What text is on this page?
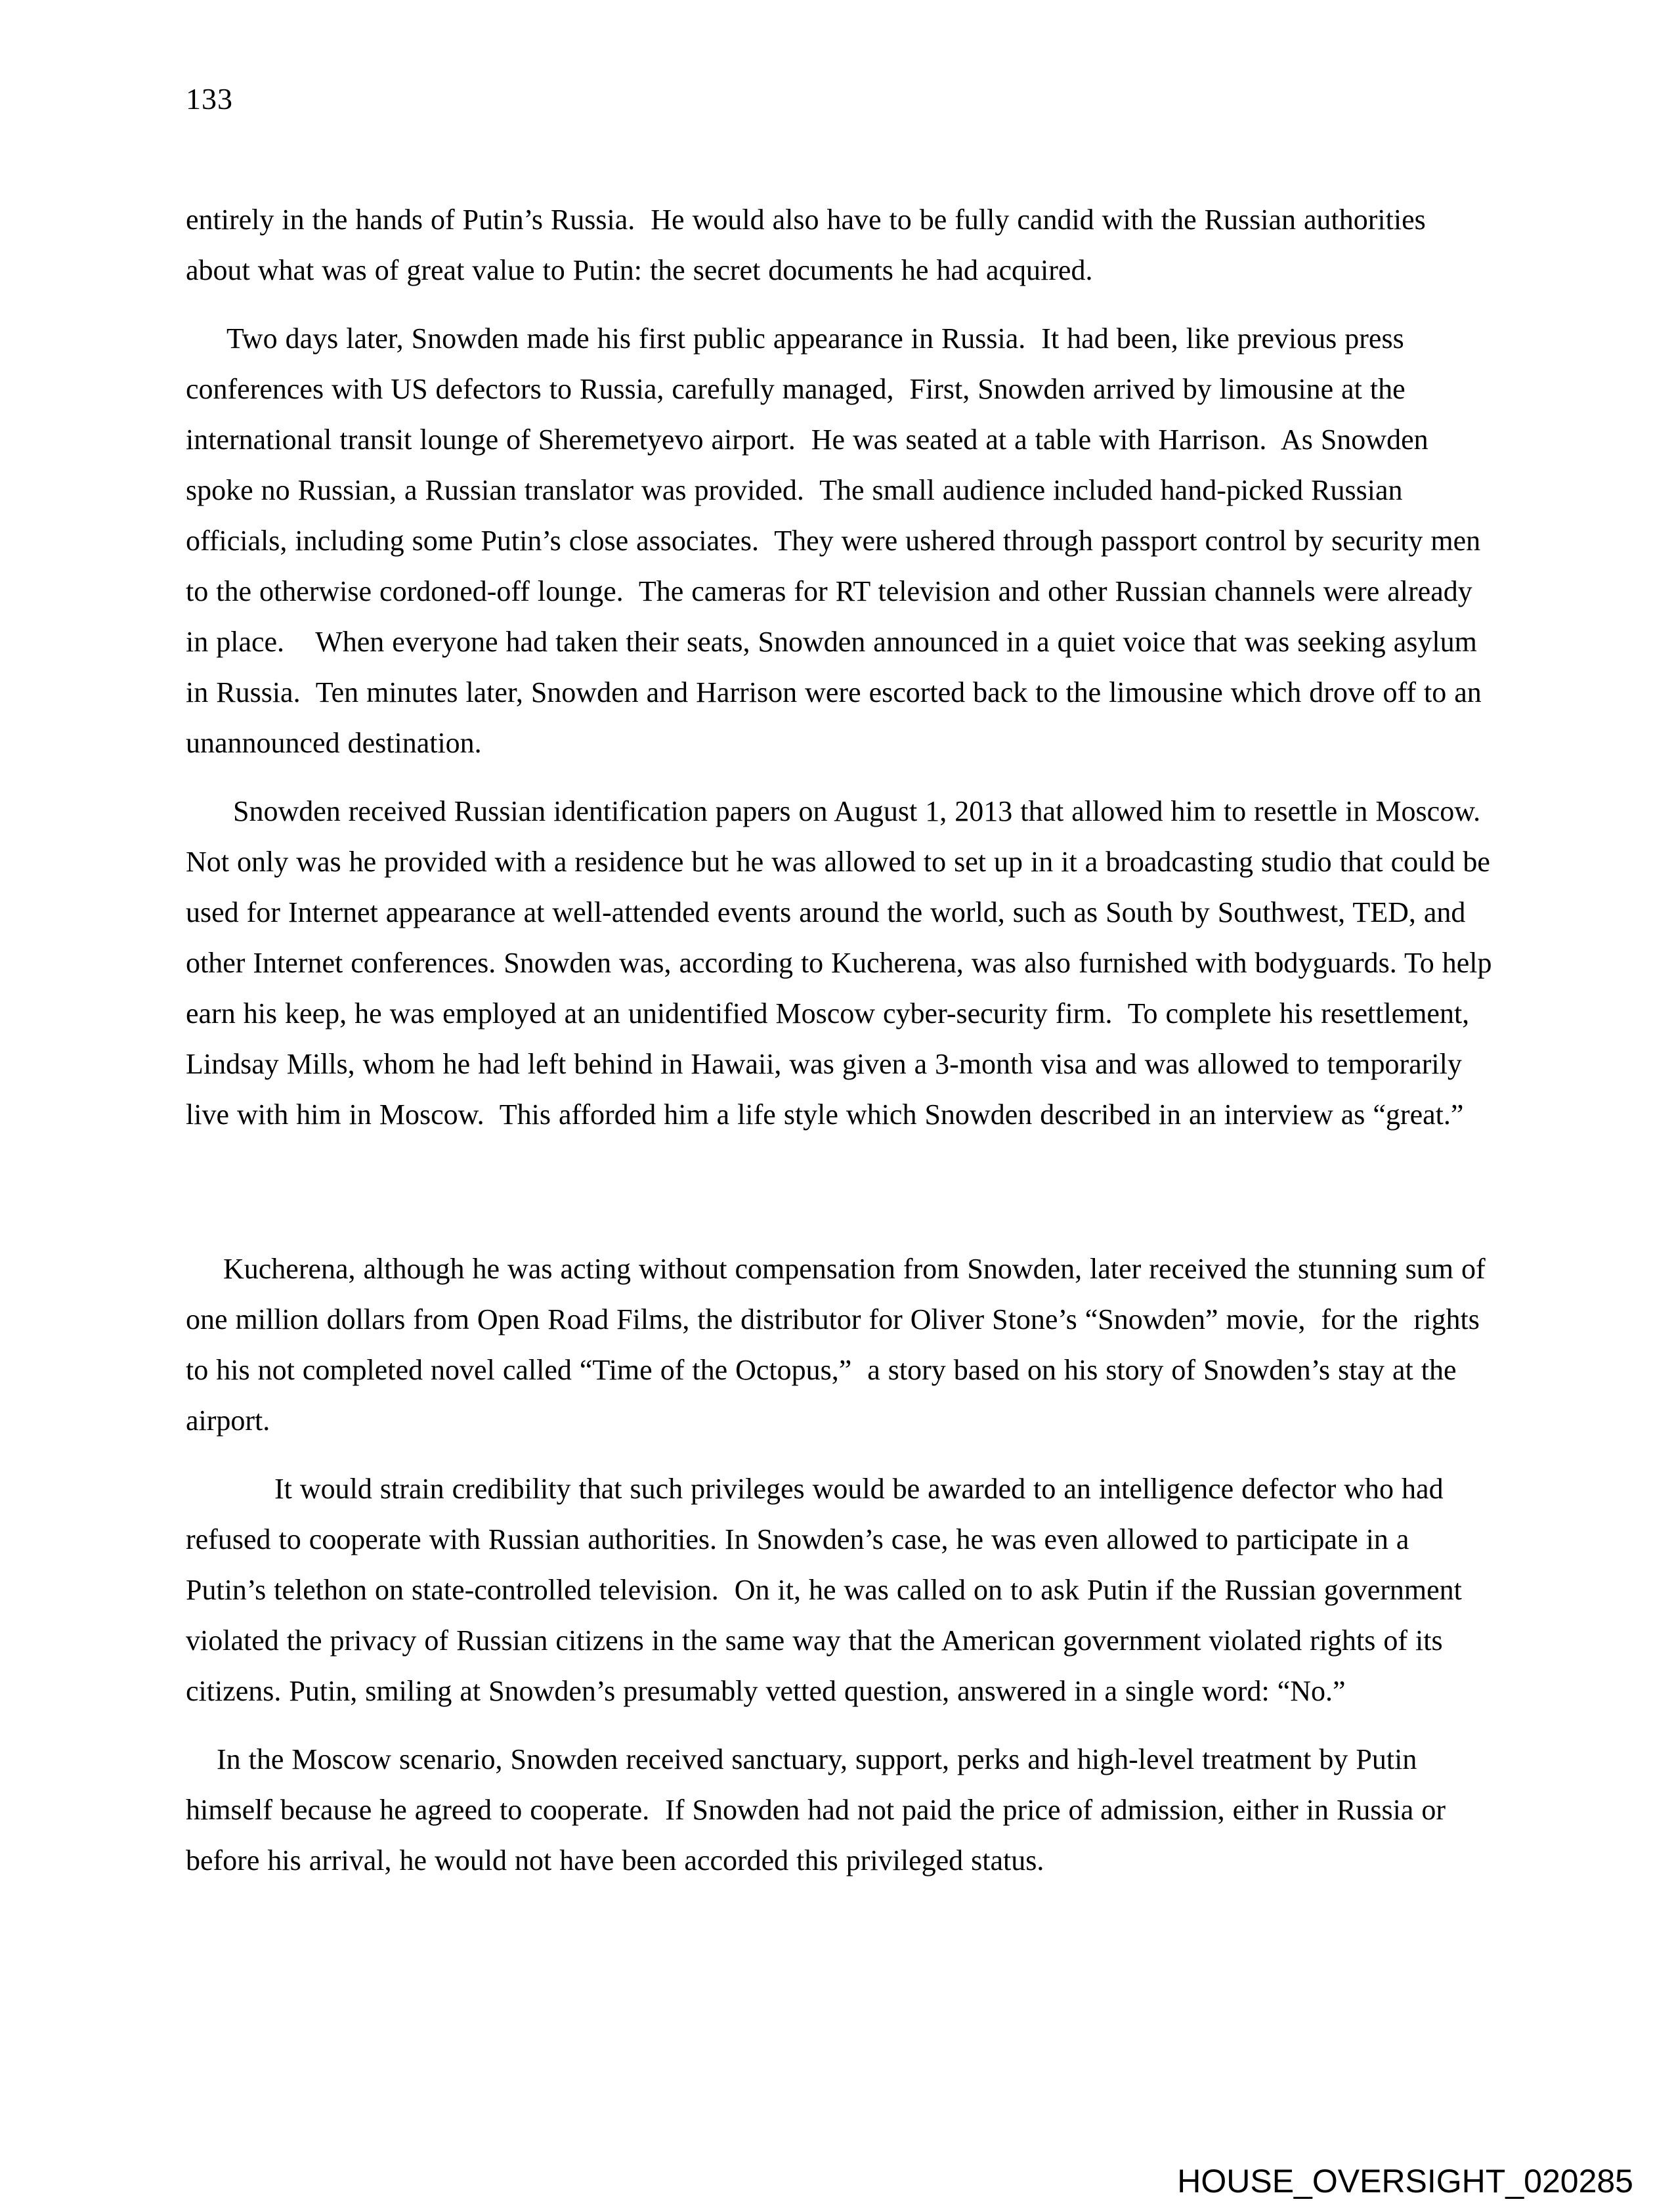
133

entirely in the hands of Putin’s Russia.  He would also have to be fully candid with the Russian authorities about what was of great value to Putin: the secret documents he had acquired.

Two days later, Snowden made his first public appearance in Russia.  It had been, like previous press conferences with US defectors to Russia, carefully managed,  First, Snowden arrived by limousine at the international transit lounge of Sheremetyevo airport.  He was seated at a table with Harrison.  As Snowden spoke no Russian, a Russian translator was provided.  The small audience included hand-picked Russian officials, including some Putin’s close associates.  They were ushered through passport control by security men to the otherwise cordoned-off lounge.  The cameras for RT television and other Russian channels were already in place.    When everyone had taken their seats, Snowden announced in a quiet voice that was seeking asylum in Russia.  Ten minutes later, Snowden and Harrison were escorted back to the limousine which drove off to an unannounced destination.

Snowden received Russian identification papers on August 1, 2013 that allowed him to resettle in Moscow.  Not only was he provided with a residence but he was allowed to set up in it a broadcasting studio that could be used for Internet appearance at well-attended events around the world, such as South by Southwest, TED, and other Internet conferences. Snowden was, according to Kucherena, was also furnished with bodyguards. To help earn his keep, he was employed at an unidentified Moscow cyber-security firm.  To complete his resettlement, Lindsay Mills, whom he had left behind in Hawaii, was given a 3-month visa and was allowed to temporarily live with him in Moscow.  This afforded him a life style which Snowden described in an interview as “great.”

Kucherena, although he was acting without compensation from Snowden, later received the stunning sum of one million dollars from Open Road Films, the distributor for Oliver Stone’s “Snowden” movie,  for the  rights to his not completed novel called “Time of the Octopus,”  a story based on his story of Snowden’s stay at the airport.

It would strain credibility that such privileges would be awarded to an intelligence defector who had refused to cooperate with Russian authorities. In Snowden’s case, he was even allowed to participate in a Putin’s telethon on state-controlled television.  On it, he was called on to ask Putin if the Russian government violated the privacy of Russian citizens in the same way that the American government violated rights of its citizens. Putin, smiling at Snowden’s presumably vetted question, answered in a single word: “No.”

In the Moscow scenario, Snowden received sanctuary, support, perks and high-level treatment by Putin himself because he agreed to cooperate.  If Snowden had not paid the price of admission, either in Russia or before his arrival, he would not have been accorded this privileged status.

HOUSE_OVERSIGHT_020285
